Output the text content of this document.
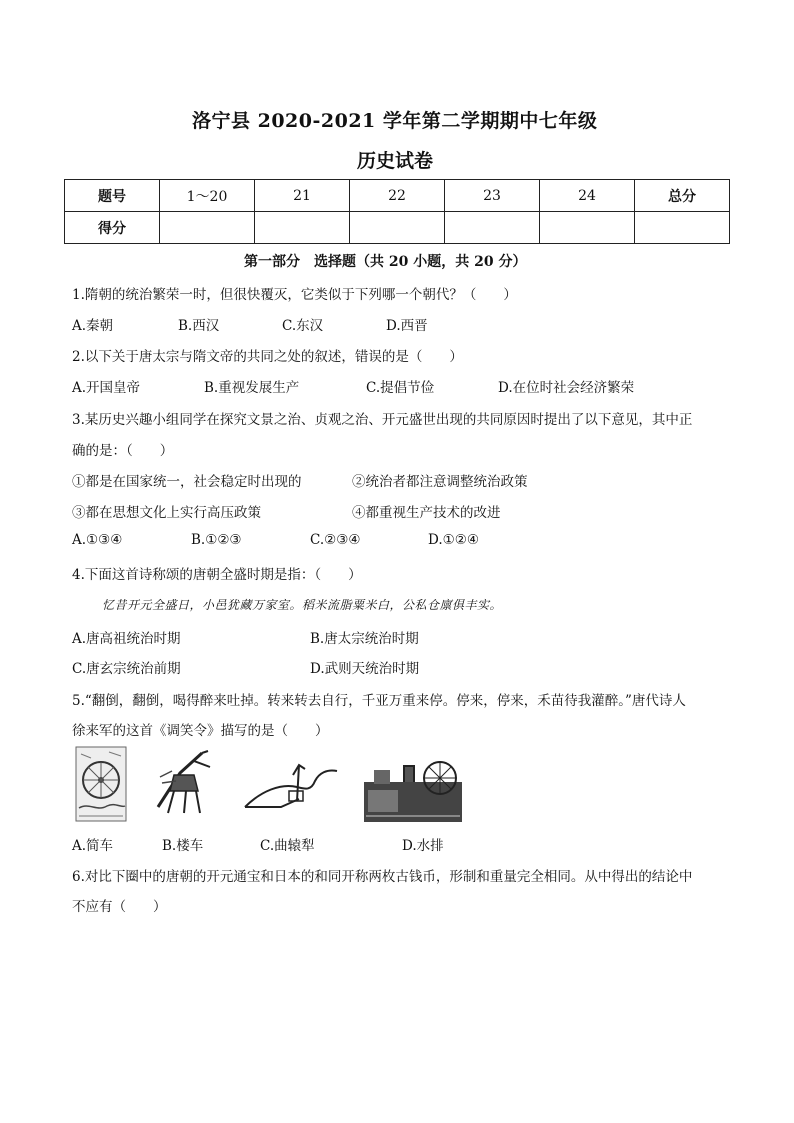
洛宁县 2020-2021 学年第二学期期中七年级
历史试卷
题号	1～20	21	22	23	24	总分
得分						
第一部分　选择题（共 20 小题，共 20 分）
1.隋朝的统治繁荣一时，但很快覆灭，它类似于下列哪一个朝代？（　　）
A.秦朝	B.西汉	C.东汉	D.西晋
2.以下关于唐太宗与隋文帝的共同之处的叙述，错误的是（　　）
A.开国皇帝	B.重视发展生产	C.提倡节俭	D.在位时社会经济繁荣
3.某历史兴趣小组同学在探究文景之治、贞观之治、开元盛世出现的共同原因时提出了以下意见，其中正
确的是：（　　）
①都是在国家统一，社会稳定时出现的	②统治者都注意调整统治政策
③都在思想文化上实行高压政策	④都重视生产技术的改进
A.①③④	B.①②③	C.②③④	D.①②④
4.下面这首诗称颂的唐朝全盛时期是指：（　　）
忆昔开元全盛日，小邑犹藏万家室。稻米流脂粟米白，公私仓廪俱丰实。
A.唐高祖统治时期	B.唐太宗统治时期
C.唐玄宗统治前期	D.武则天统治时期
5.“翻倒，翻倒，喝得醉来吐掉。转来转去自行，千亚万重来停。停来，停来，禾苗待我灌醉。”唐代诗人
徐来军的这首《调笑令》描写的是（　　）
A.简车	B.楼车	C.曲辕犁	D.水排
6.对比下圈中的唐朝的开元通宝和日本的和同开称两枚古钱币，形制和重量完全相同。从中得出的结论中
不应有（　　）
